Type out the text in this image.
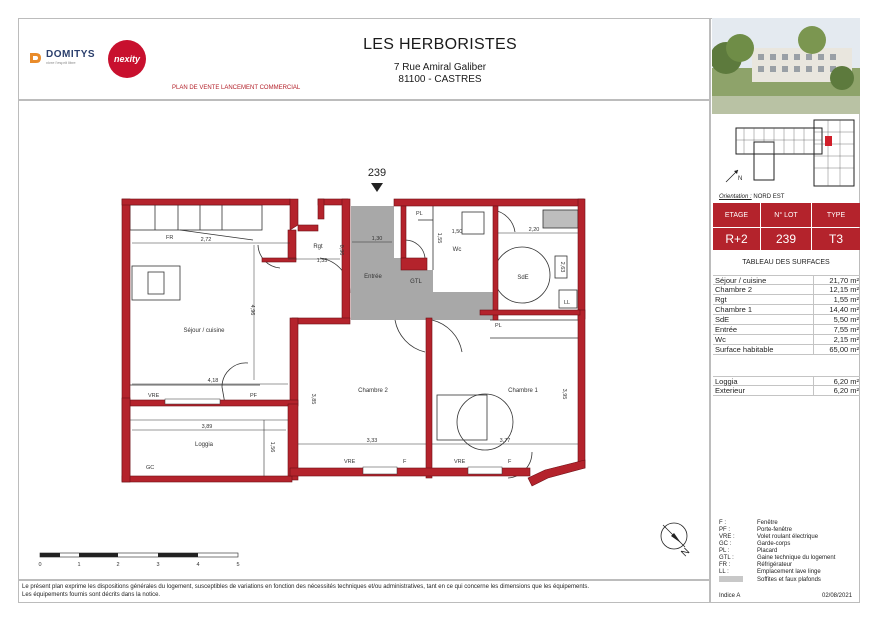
DOMITYS
vivre l'esprit libre	nexity
LES HERBORISTES
7 Rue Amiral Galiber
81100 - CASTRES
PLAN DE VENTE LANCEMENT COMMERCIAL
N
Orientation : NORD EST
ETAGE	N° LOT	TYPE
R+2	239	T3
TABLEAU DES SURFACES
Séjour / cuisine	21,70 m²
Chambre 2	12,15 m²
Rgt	1,55 m²
Chambre 1	14,40 m²
SdE	5,50 m²
Entrée	7,55 m²
Wc	2,15 m²
Surface habitable	65,00 m²
Loggia	6,20 m²
Exterieur	6,20 m²
F :	Fenêtre
PF :	Porte-fenêtre
VRE :	Volet roulant électrique
GC :	Garde-corps
PL :	Placard
GTL :	Gaine technique du logement
FR :	Réfrigérateur
LL :	Emplacement lave linge
Soffites et faux plafonds
Le présent plan exprime les dispositions générales du logement, susceptibles de variations en fonction des nécessités techniques et/ou administratives, tant en ce qui concerne les dimensions que les équipements.
Les équipements fournis sont décrits dans la notice.	Indice A	02/08/2021
239
Séjour / cuisine
Rgt
Entrée
Wc
SdE
Chambre 2	Chambre 1
Loggia
GTL
FR
PL
PL
LL
VRE	PF
VRE	F	VRE	F
GC
2,72
4,96
1,35
0,96
1,30
1,50
1,55
2,20
2,63
4,18
3,89
1,56
3,85
3,33	3,77
3,95
0	1	2	3	4	5
N
